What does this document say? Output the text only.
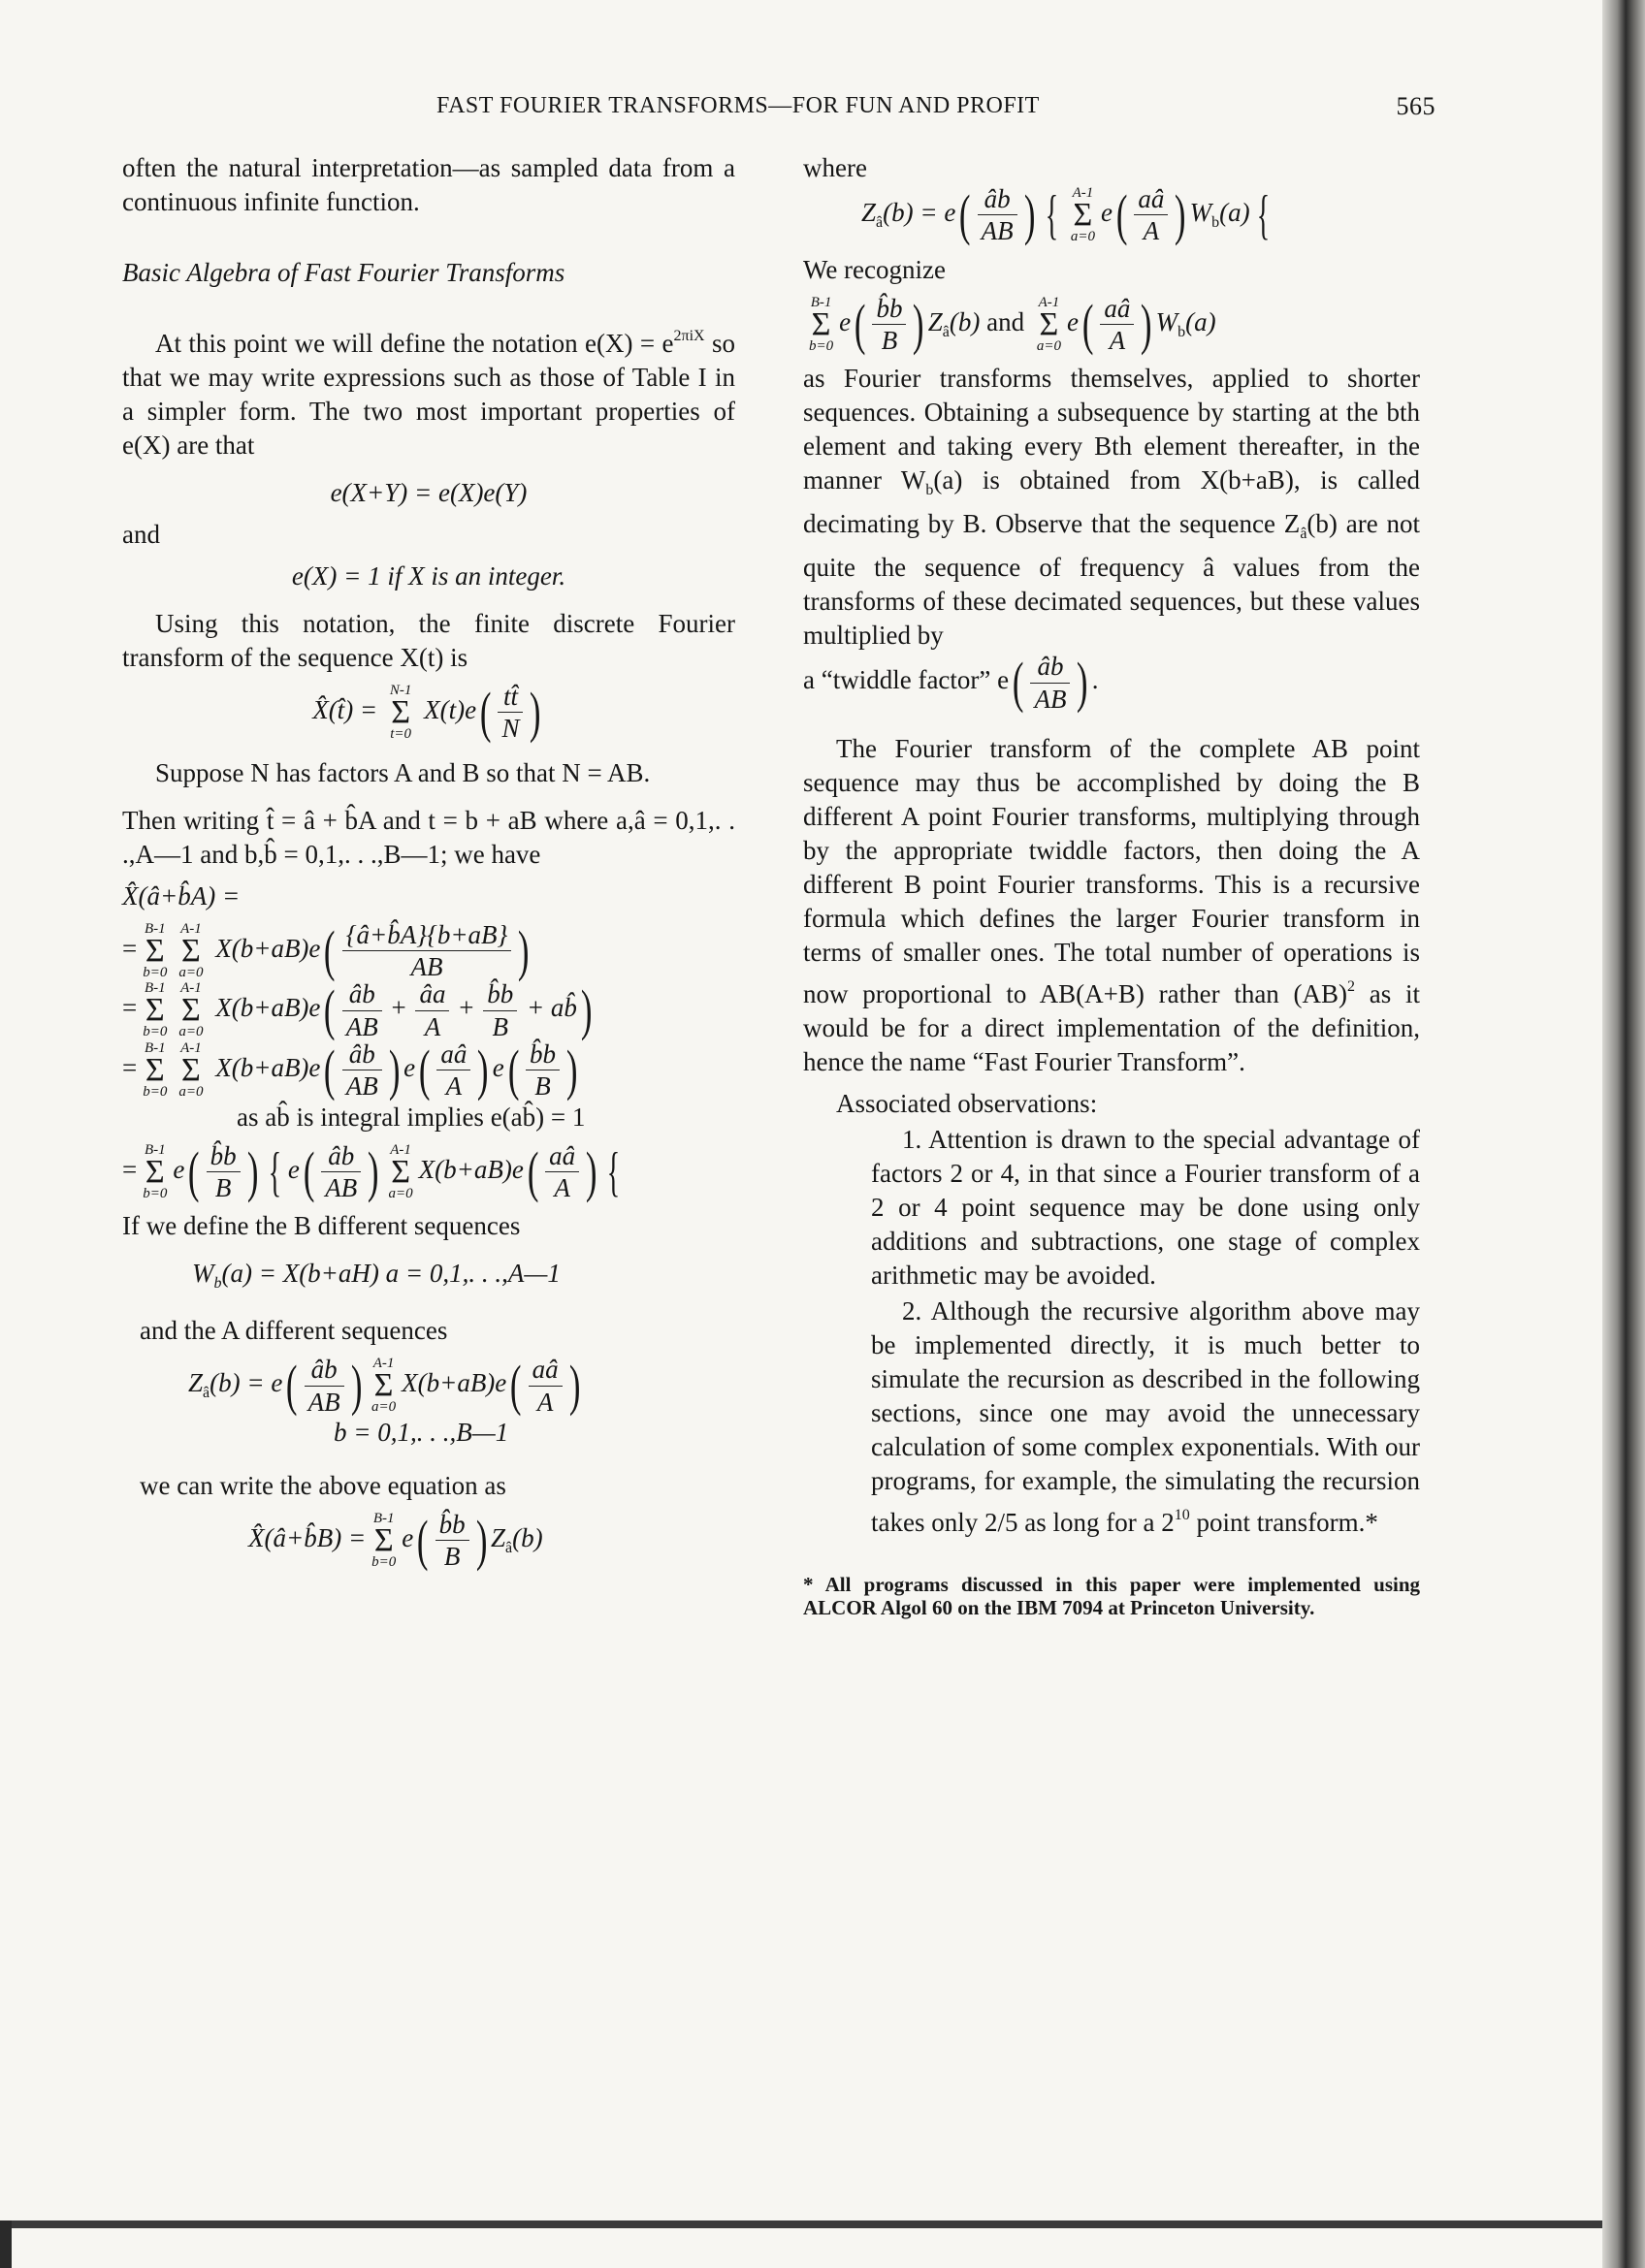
FAST FOURIER TRANSFORMS—FOR FUN AND PROFIT	565

often the natural interpretation—as sampled data from a continuous infinite function.

Basic Algebra of Fast Fourier Transforms

At this point we will define the notation $e(X) = e^{2\pi iX}$ so that we may write expressions such as those of Table I in a simpler form. The two most important properties of e(X) are that

e(X+Y) = e(X)e(Y)

and

e(X) = 1 if X is an integer.

Using this notation, the finite discrete Fourier transform of the sequence X(t) is

X̂(t̂) =
N-1
Σ
t=0
$X(t)e( \frac{tt̂}{N}$ )

Suppose N has factors A and B so that N = AB.

Then writing t̂ = â + b̂A and t = b + aB where a,â = 0,1,. . .,A—1 and b,b̂ = 0,1,. . .,B—1; we have

X̂(â+b̂A) =
=
B-1
Σ
b=0
A-1
Σ
a=0
$X(b+aB)e( \frac{\{â+b̂A\}\{b+aB\}}{AB}$ )
=
B-1
Σ
b=0
A-1
Σ
a=0
$X(b+aB)e( \frac{âb}{AB} + \frac{âa}{A} + \frac{b̂b}{B}$ + ab̂)
=
B-1
Σ
b=0
A-1
Σ
a=0
$X(b+aB)e( \frac{âb}{AB}$ ) $e( \frac{aâ}{A}$ ) $e( \frac{b̂b}{B}$ )
as ab̂ is integral implies e(ab̂) = 1
=
B-1
Σ
b=0
$e( \frac{b̂b}{B}$ ) { $e( \frac{âb}{AB}$ ) A-1
Σ
a=0
$X(b+aB)e( \frac{aâ}{A}$ ) {

If we define the B different sequences

$W_b(a) = X(b+aH) a = 0,1$,. . .,A—1

and the A different sequences

$Z_â(b) = e( \frac{âb}{AB}$ ) A-1
Σ
a=0
$X(b+aB)e( \frac{aâ}{A}$ )
b = 0,1,. . .,B—1

we can write the above equation as

X̂(â+b̂B) =
B-1
Σ
b=0
$e( \frac{b̂b}{B}$ ) $Z_â(b)$

where

$Z_â(b) = e( \frac{âb}{AB}$ ) { A-1
Σ
a=0
$e( \frac{aâ}{A}$ ) $W_b(a)$ {

We recognize

B-1
Σ
b=0
$e( \frac{b̂b}{B}$ ) $Z_â(b)$ and
A-1
Σ
a=0
$e( \frac{aâ}{A}$ ) $W_b(a)$

as Fourier transforms themselves, applied to shorter sequences. Obtaining a subsequence by starting at the bth element and taking every Bth element thereafter, in the manner $W_b(a)$ is obtained from X(b+aB), is called decimating by B. Observe that the sequence $Z_â(b)$ are not quite the sequence of frequency â values from the transforms of these decimated sequences, but these values multiplied by

a “twiddle factor” $e( \frac{âb}{AB}$ ) .

The Fourier transform of the complete AB point sequence may thus be accomplished by doing the B different A point Fourier transforms, multiplying through by the appropriate twiddle factors, then doing the A different B point Fourier transforms. This is a recursive formula which defines the larger Fourier transform in terms of smaller ones. The total number of operations is now proportional to AB(A+B) rather than (AB)$^2$ as it would be for a direct implementation of the definition, hence the name “Fast Fourier Transform”.

Associated observations:

1. Attention is drawn to the special advantage of factors 2 or 4, in that since a Fourier transform of a 2 or 4 point sequence may be done using only additions and subtractions, one stage of complex arithmetic may be avoided.

2. Although the recursive algorithm above may be implemented directly, it is much better to simulate the recursion as described in the following sections, since one may avoid the unnecessary calculation of some complex exponentials. With our programs, for example, the simulating the recursion takes only 2/5 as long for a $2^{10}$ point transform.*

* All programs discussed in this paper were implemented using ALCOR Algol 60 on the IBM 7094 at Princeton University.
